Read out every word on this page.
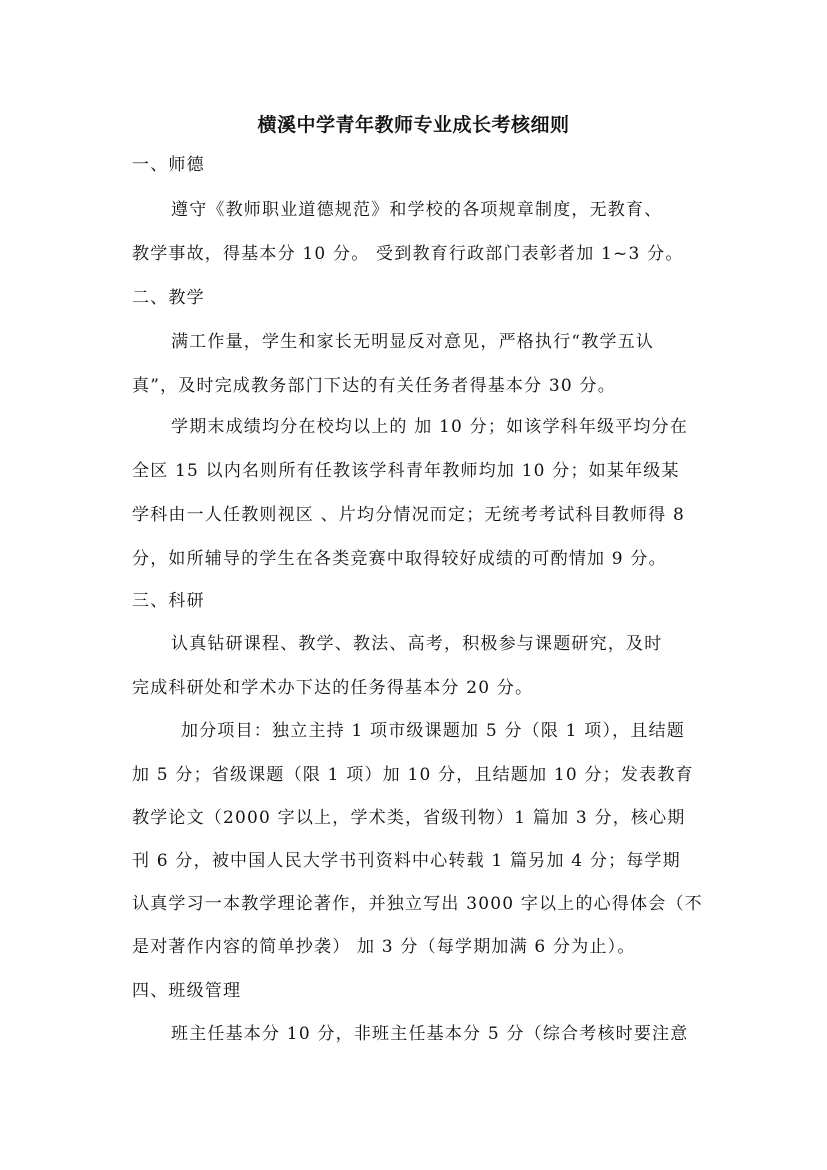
横溪中学青年教师专业成长考核细则
一、师德
遵守《教师职业道德规范》和学校的各项规章制度，无教育、
教学事故，得基本分 10 分。 受到教育行政部门表彰者加 1~3 分。
二、教学
满工作量，学生和家长无明显反对意见，严格执行“教学五认
真”，及时完成教务部门下达的有关任务者得基本分 30 分。
学期末成绩均分在校均以上的 加 10 分；如该学科年级平均分在
全区 15 以内名则所有任教该学科青年教师均加 10 分；如某年级某
学科由一人任教则视区 、片均分情况而定；无统考考试科目教师得 8
分，如所辅导的学生在各类竞赛中取得较好成绩的可酌情加 9 分。
三、科研
认真钻研课程、教学、教法、高考，积极参与课题研究，及时
完成科研处和学术办下达的任务得基本分 20 分。
加分项目：独立主持 1 项市级课题加 5 分（限 1 项），且结题
加 5 分；省级课题（限 1 项）加 10 分，且结题加 10 分；发表教育
教学论文（2000 字以上，学术类，省级刊物）1 篇加 3 分，核心期
刊 6 分，被中国人民大学书刊资料中心转载 1 篇另加 4 分；每学期
认真学习一本教学理论著作，并独立写出 3000 字以上的心得体会（不
是对著作内容的简单抄袭） 加 3 分（每学期加满 6 分为止）。
四、班级管理
班主任基本分 10 分，非班主任基本分 5 分（综合考核时要注意
